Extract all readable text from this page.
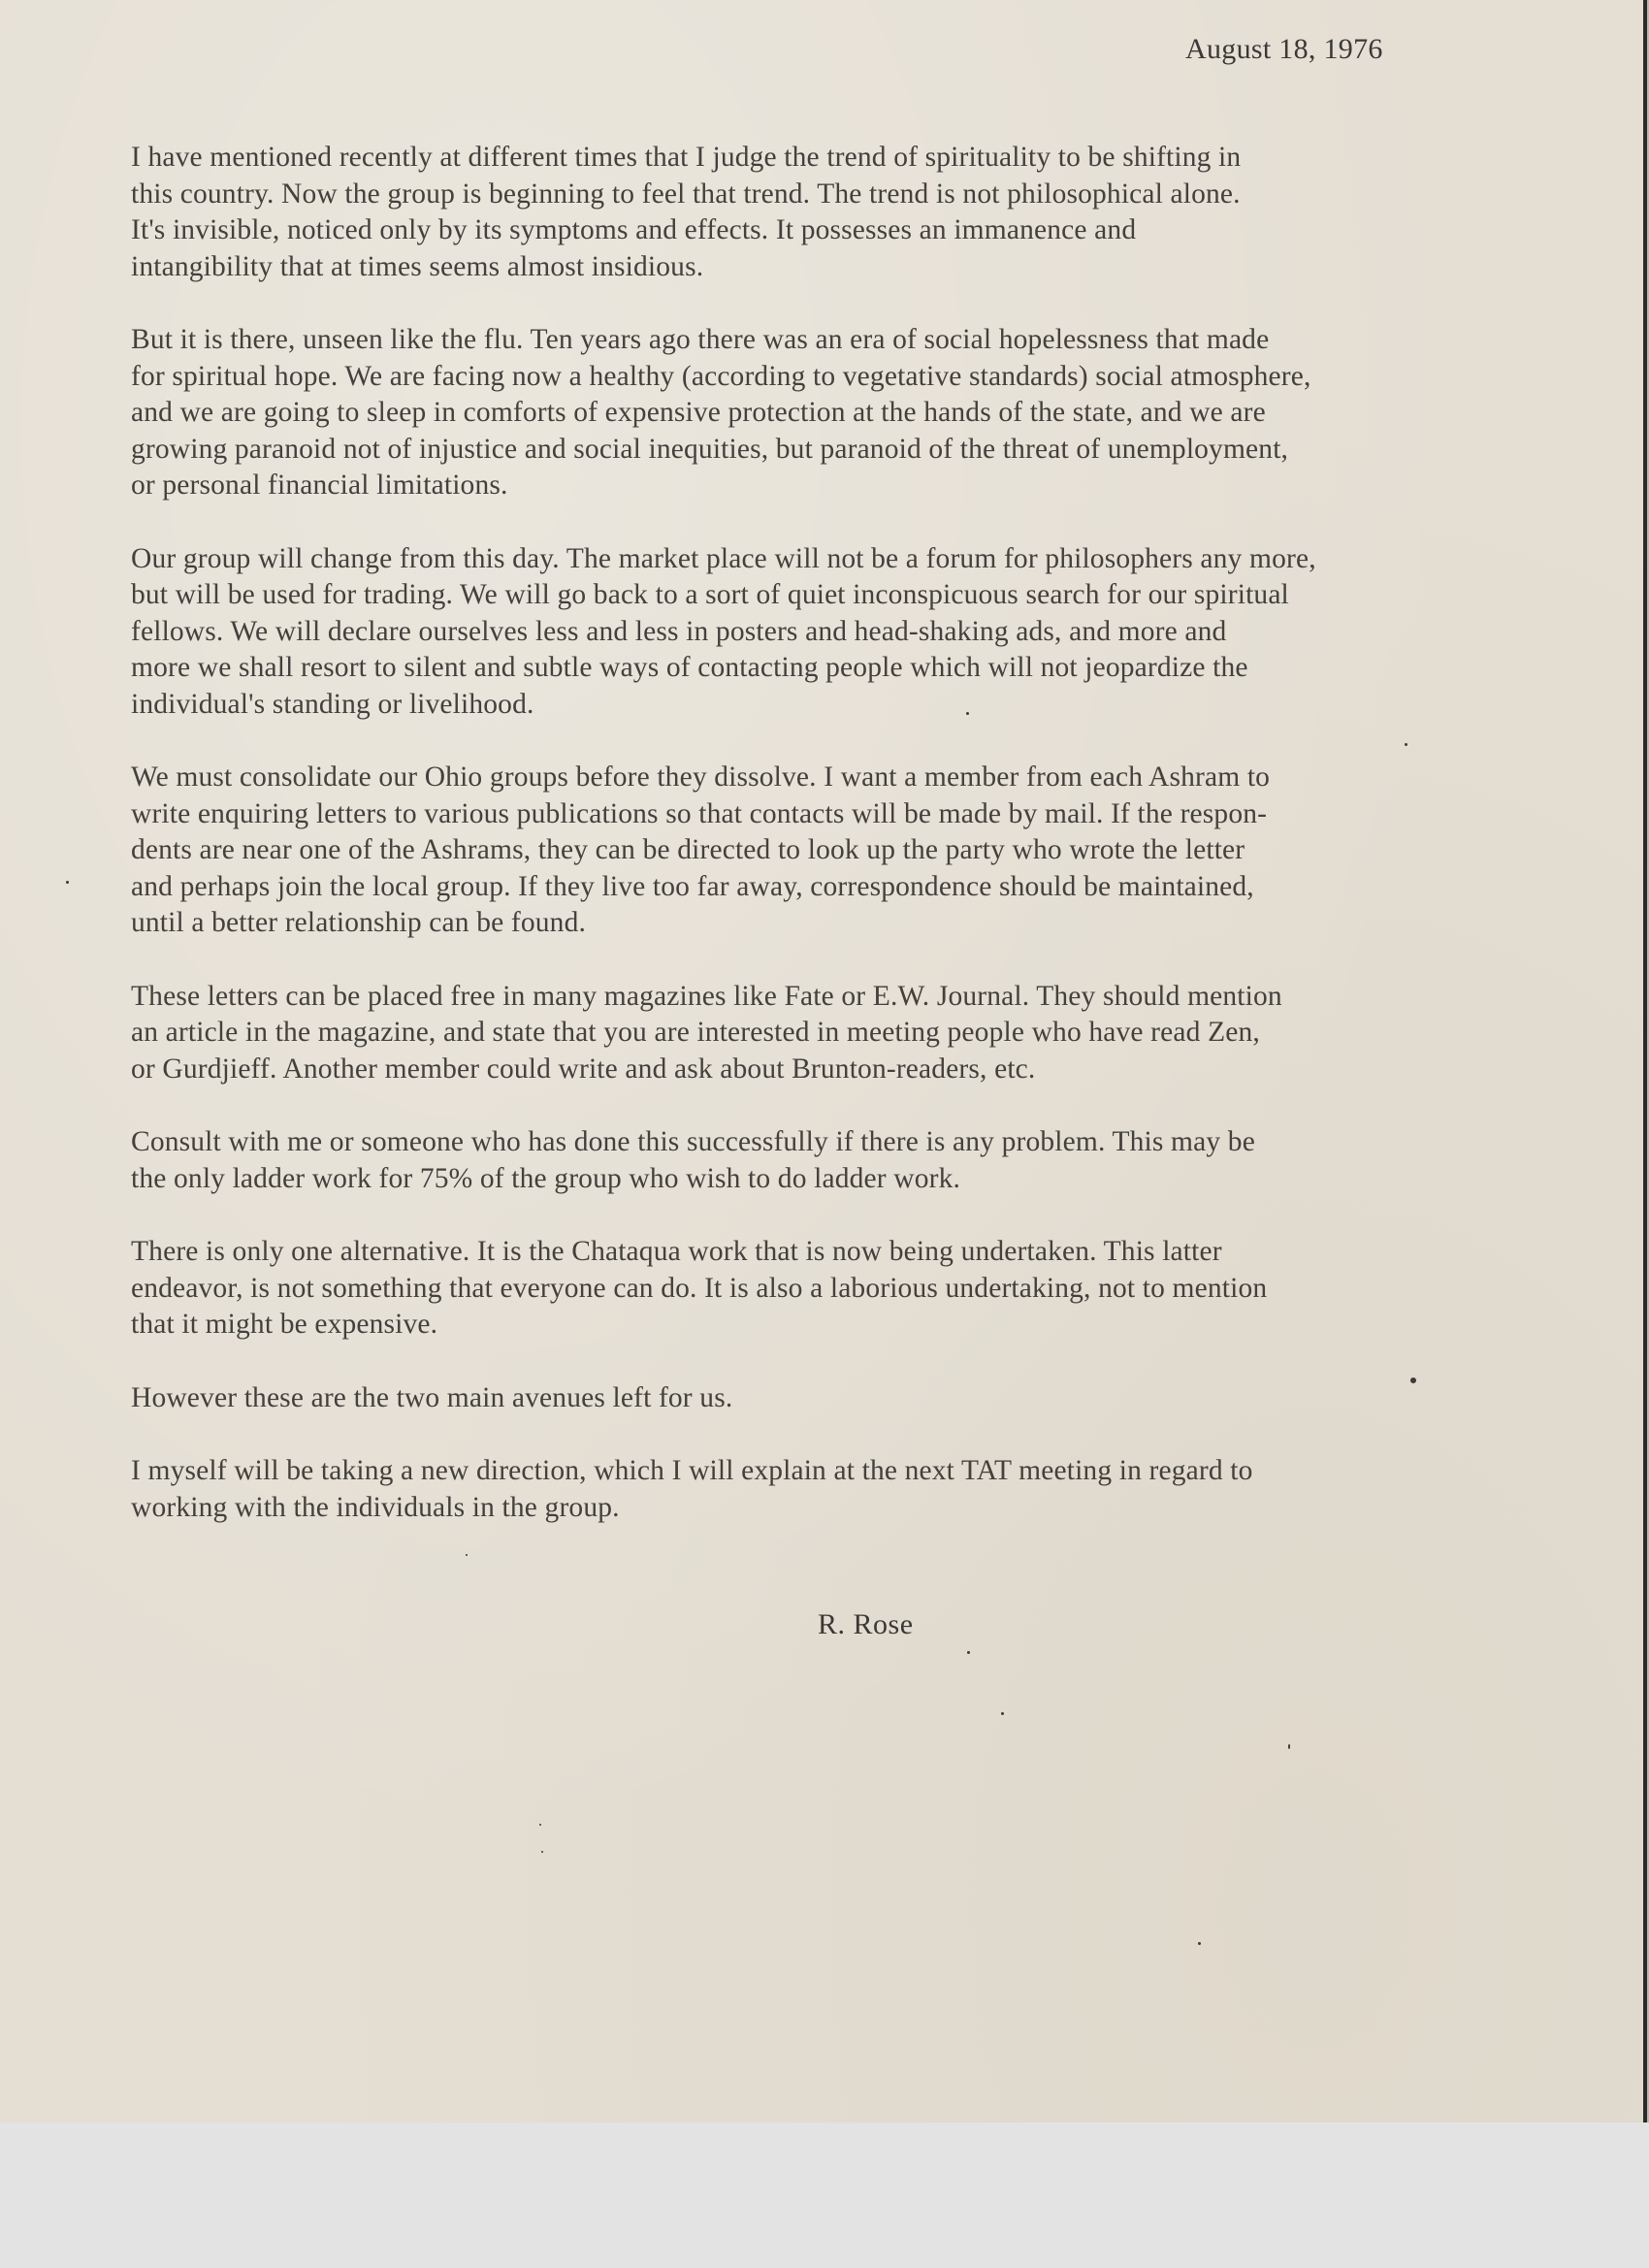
August 18, 1976

I have mentioned recently at different times that I judge the trend of spirituality to be shifting in
this country. Now the group is beginning to feel that trend. The trend is not philosophical alone.
It's invisible, noticed only by its symptoms and effects. It possesses an immanence and
intangibility that at times seems almost insidious.

But it is there, unseen like the flu. Ten years ago there was an era of social hopelessness that made
for spiritual hope. We are facing now a healthy (according to vegetative standards) social atmosphere,
and we are going to sleep in comforts of expensive protection at the hands of the state, and we are
growing paranoid not of injustice and social inequities, but paranoid of the threat of unemployment,
or personal financial limitations.

Our group will change from this day. The market place will not be a forum for philosophers any more,
but will be used for trading. We will go back to a sort of quiet inconspicuous search for our spiritual
fellows. We will declare ourselves less and less in posters and head-shaking ads, and more and
more we shall resort to silent and subtle ways of contacting people which will not jeopardize the
individual's standing or livelihood.

We must consolidate our Ohio groups before they dissolve. I want a member from each Ashram to
write enquiring letters to various publications so that contacts will be made by mail. If the respon-
dents are near one of the Ashrams, they can be directed to look up the party who wrote the letter
and perhaps join the local group. If they live too far away, correspondence should be maintained,
until a better relationship can be found.

These letters can be placed free in many magazines like Fate or E.W. Journal. They should mention
an article in the magazine, and state that you are interested in meeting people who have read Zen,
or Gurdjieff. Another member could write and ask about Brunton-readers, etc.

Consult with me or someone who has done this successfully if there is any problem. This may be
the only ladder work for 75% of the group who wish to do ladder work.

There is only one alternative. It is the Chataqua work that is now being undertaken. This latter
endeavor, is not something that everyone can do. It is also a laborious undertaking, not to mention
that it might be expensive.

However these are the two main avenues left for us.

I myself will be taking a new direction, which I will explain at the next TAT meeting in regard to
working with the individuals in the group.

R. Rose
